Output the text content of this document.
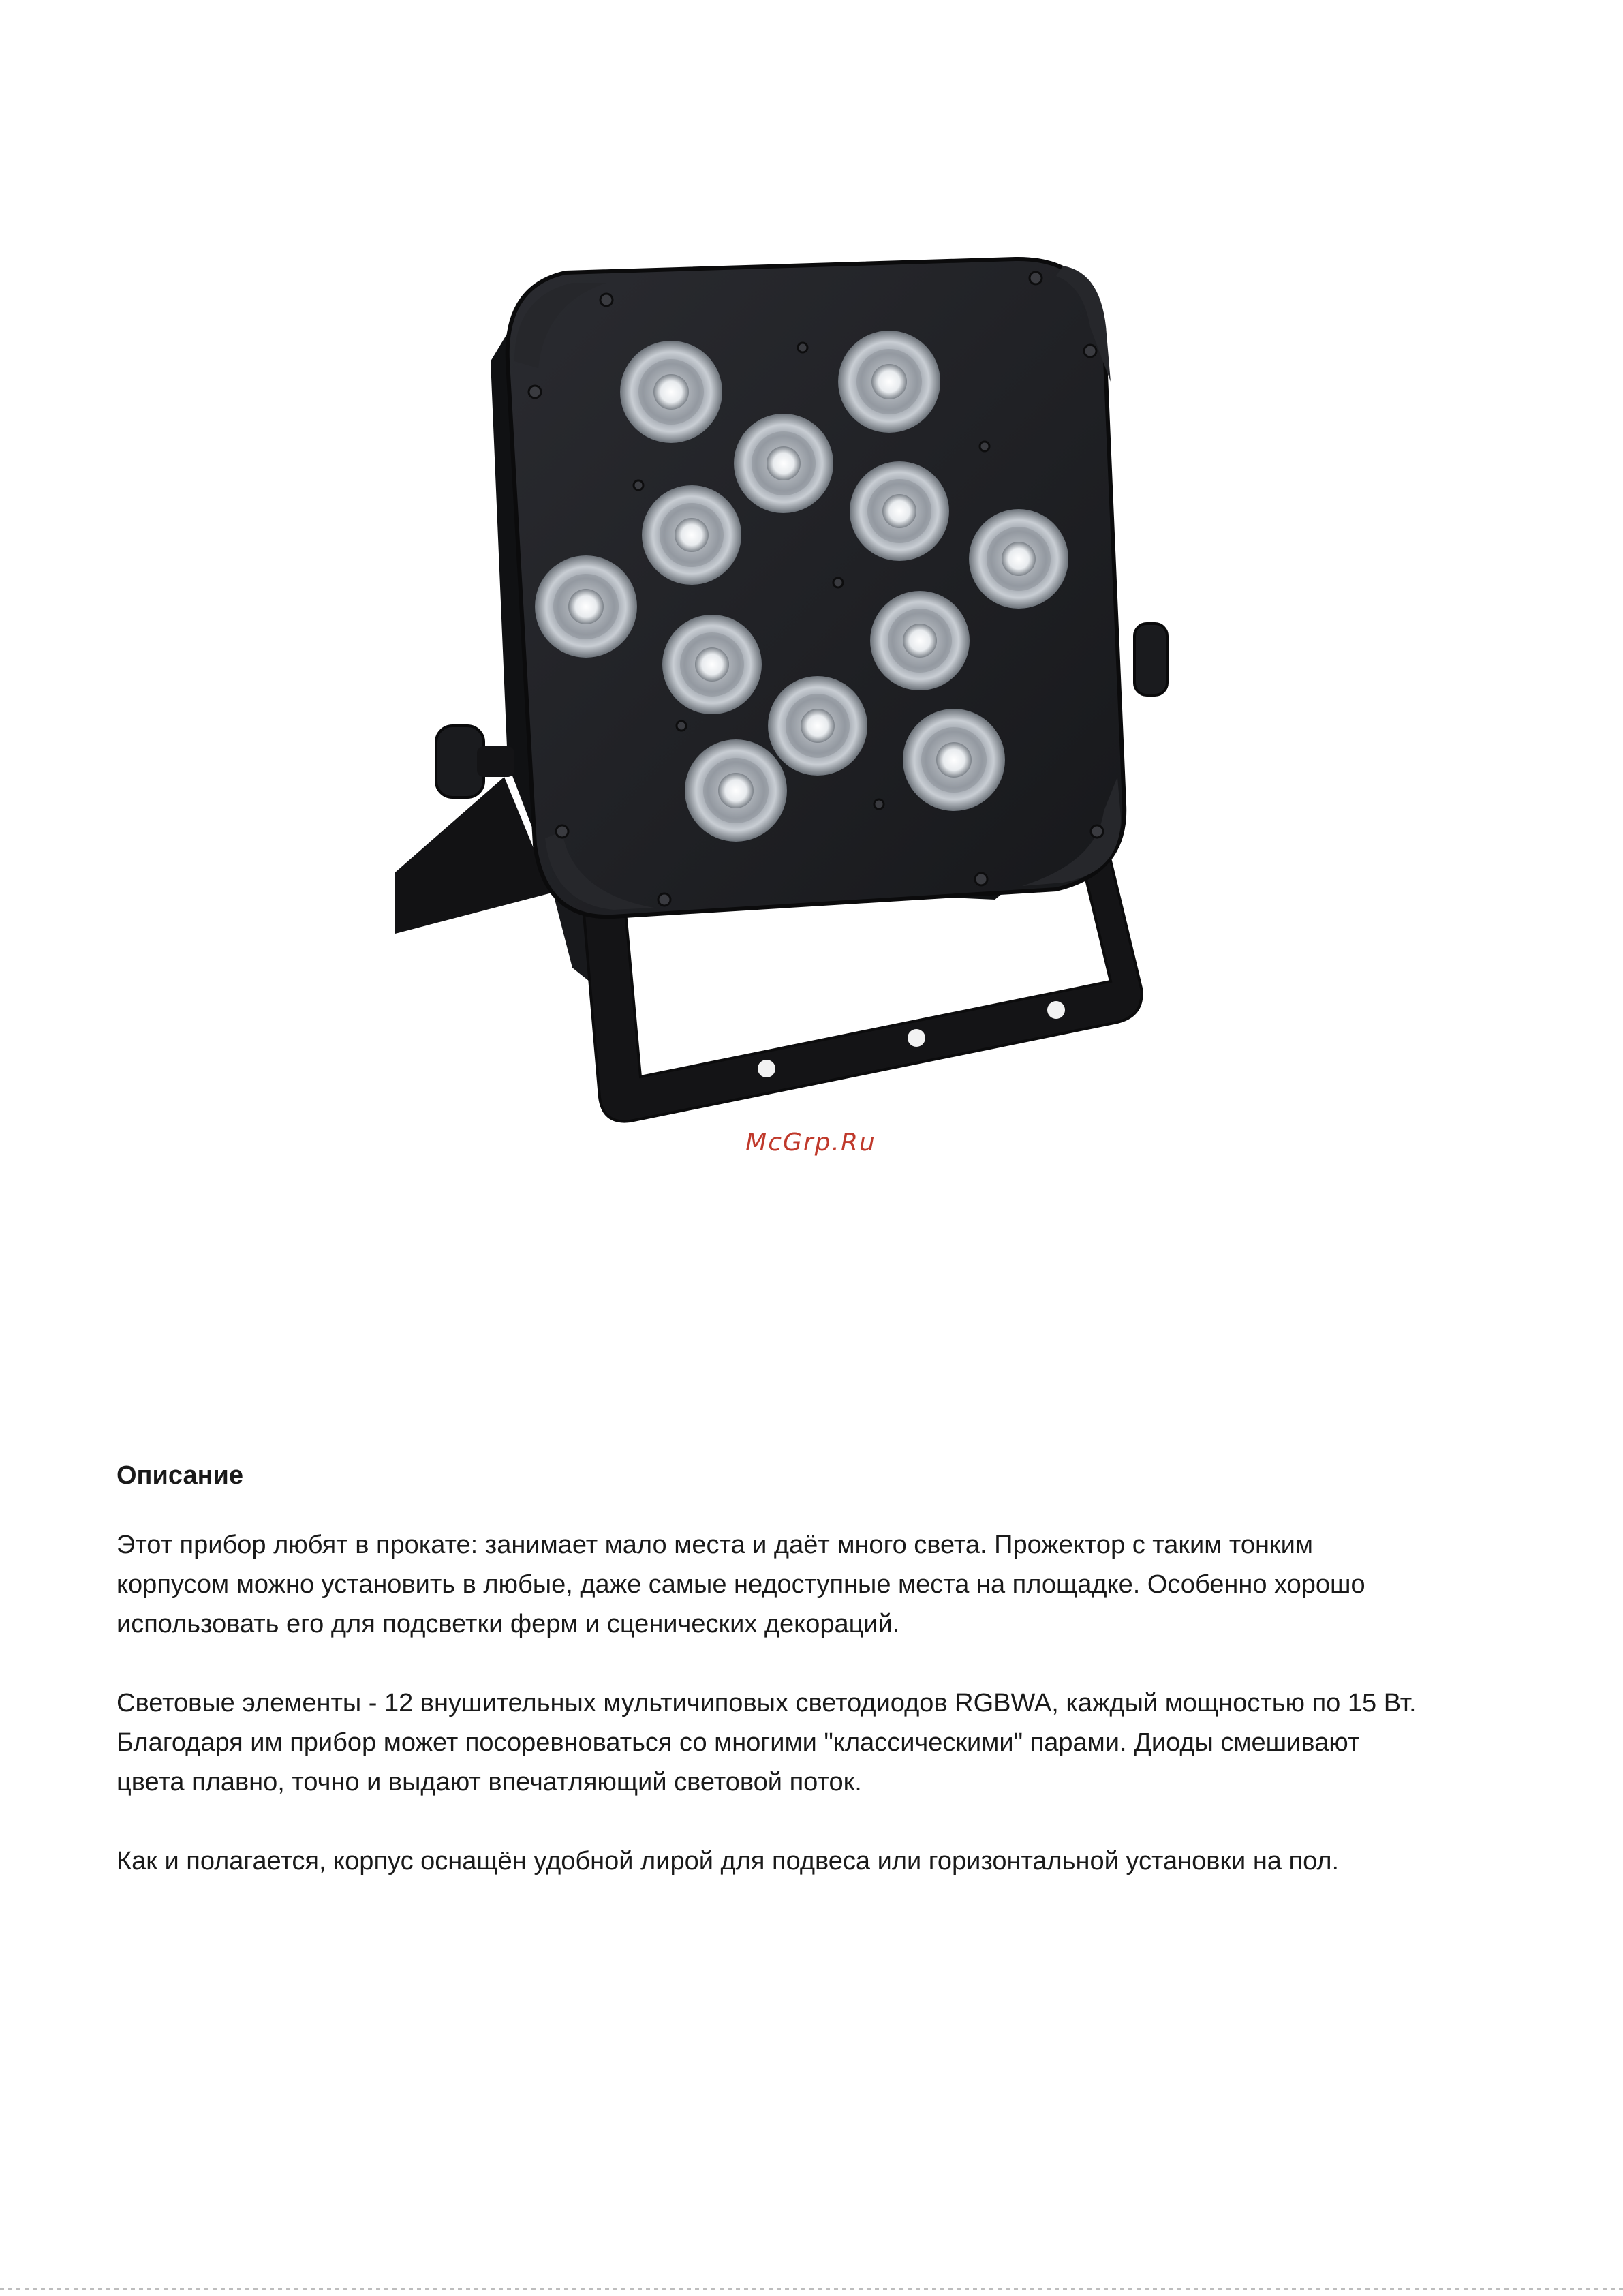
McGrp.Ru
Описание

Этот прибор любят в прокате: занимает мало места и даёт много света. Прожектор с таким тонким
корпусом можно установить в любые, даже самые недоступные места на площадке. Особенно хорошо
использовать его для подсветки ферм и сценических декораций.

Световые элементы - 12 внушительных мультичиповых светодиодов RGBWA, каждый мощностью по 15 Вт.
Благодаря им прибор может посоревноваться со многими "классическими" парами. Диоды смешивают
цвета плавно, точно и выдают впечатляющий световой поток.

Как и полагается, корпус оснащён удобной лирой для подвеса или горизонтальной установки на пол.
